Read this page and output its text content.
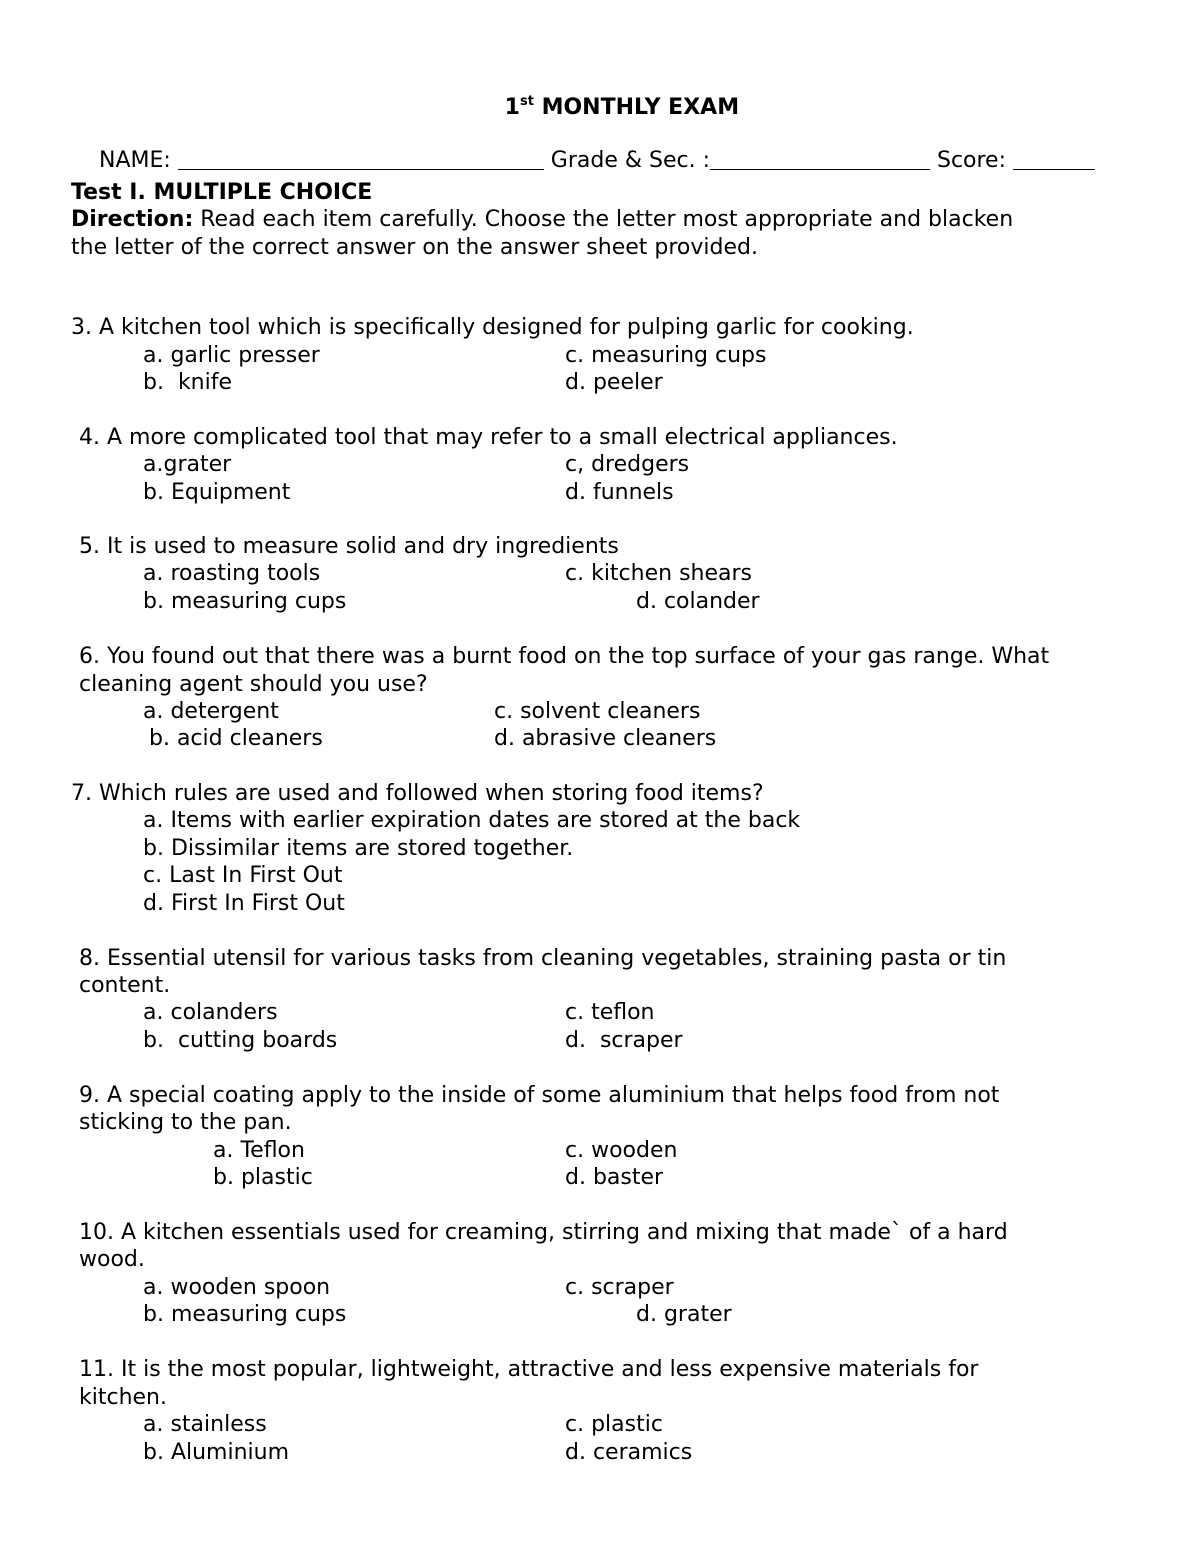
1st MONTHLY EXAM

NAME:	Grade & Sec. :	Score:

Test I. MULTIPLE CHOICE
Direction: Read each item carefully. Choose the letter most appropriate and blacken
the letter of the correct answer on the answer sheet provided.
3. A kitchen tool which is specifically designed for pulping garlic for cooking.
a. garlic presser
b.  knife
c. measuring cups
d. peeler
4. A more complicated tool that may refer to a small electrical appliances.
a.grater
b. Equipment
c, dredgers
d. funnels
5. It is used to measure solid and dry ingredients
a. roasting tools
b. measuring cups
c. kitchen shears
d. colander
6. You found out that there was a burnt food on the top surface of your gas range. What
cleaning agent should you use?
a. detergent
b. acid cleaners
c. solvent cleaners
d. abrasive cleaners
7. Which rules are used and followed when storing food items?
a. Items with earlier expiration dates are stored at the back
b. Dissimilar items are stored together.
c. Last In First Out
d. First In First Out
8. Essential utensil for various tasks from cleaning vegetables, straining pasta or tin
content.
a. colanders
b.  cutting boards
c. teflon
d.  scraper
9. A special coating apply to the inside of some aluminium that helps food from not
sticking to the pan.
a. Teflon
b. plastic
c. wooden
d. baster
10. A kitchen essentials used for creaming, stirring and mixing that made` of a hard
wood.
a. wooden spoon
b. measuring cups
c. scraper
d. grater
11. It is the most popular, lightweight, attractive and less expensive materials for
kitchen.
a. stainless
b. Aluminium
c. plastic
d. ceramics
